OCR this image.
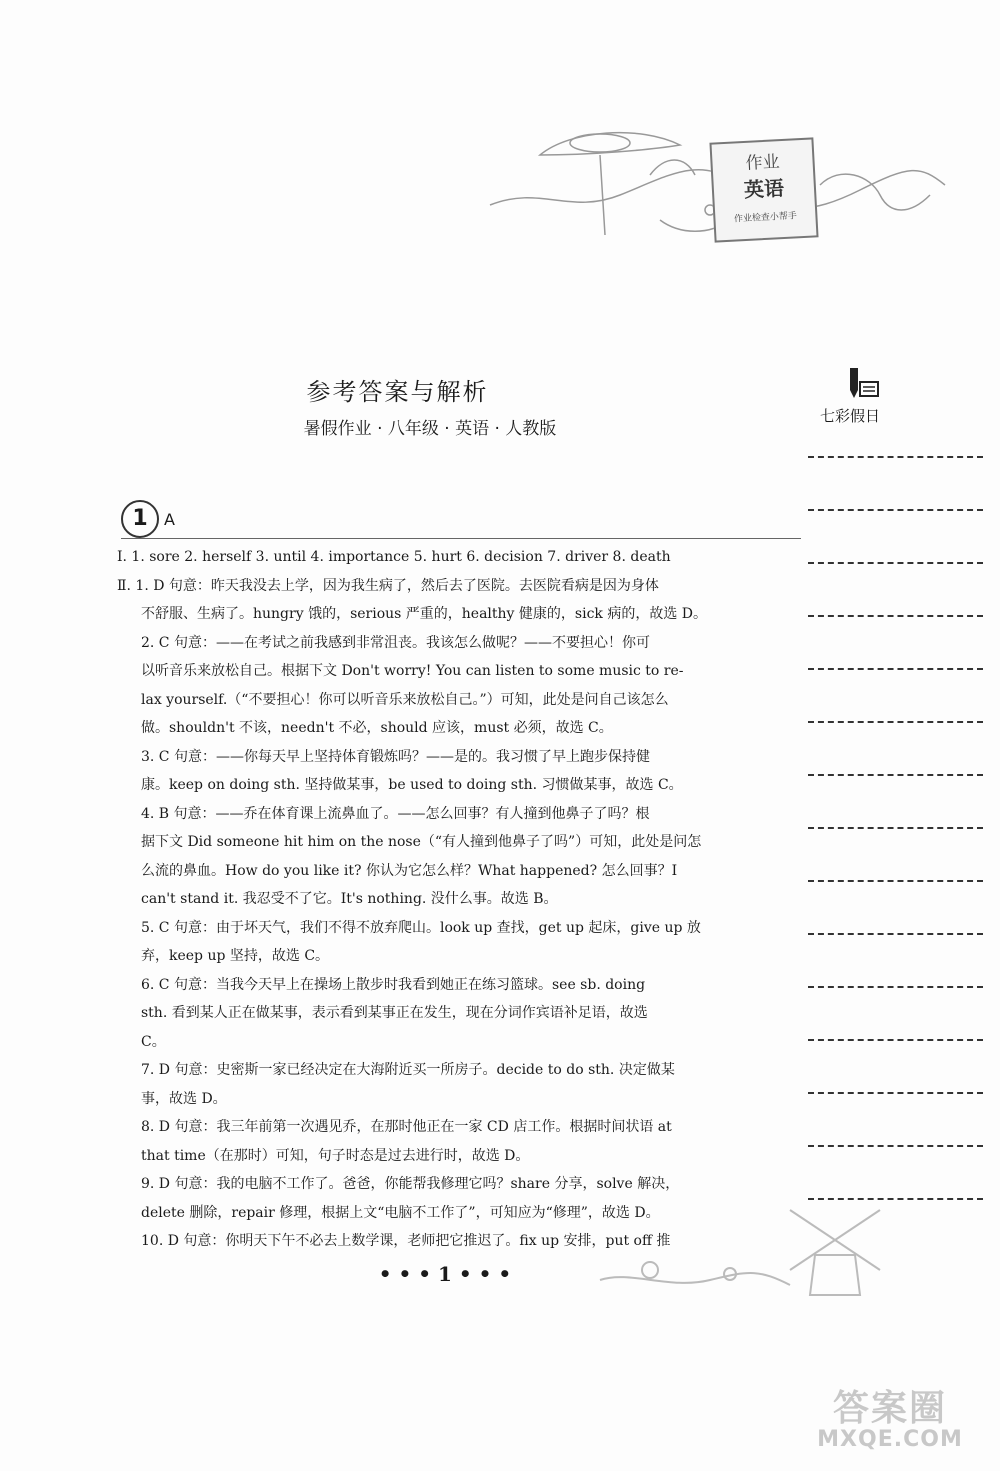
作业
英语
作业检查小帮手
参考答案与解析
暑假作业 · 八年级 · 英语 · 人教版
七彩假日
1	A
Ⅰ. 1. sore 2. herself 3. until 4. importance 5. hurt 6. decision 7. driver 8. death
Ⅱ. 1. D 句意：昨天我没去上学，因为我生病了，然后去了医院。去医院看病是因为身体
不舒服、生病了。hungry 饿的，serious 严重的，healthy 健康的，sick 病的，故选 D。
2. C 句意：——在考试之前我感到非常沮丧。我该怎么做呢？——不要担心！你可
以听音乐来放松自己。根据下文 Don't worry! You can listen to some music to re-
lax yourself.（“不要担心！你可以听音乐来放松自己。”）可知，此处是问自己该怎么
做。shouldn't 不该，needn't 不必，should 应该，must 必须，故选 C。
3. C 句意：——你每天早上坚持体育锻炼吗？——是的。我习惯了早上跑步保持健
康。keep on doing sth. 坚持做某事，be used to doing sth. 习惯做某事，故选 C。
4. B 句意：——乔在体育课上流鼻血了。——怎么回事？有人撞到他鼻子了吗？根
据下文 Did someone hit him on the nose（“有人撞到他鼻子了吗”）可知，此处是问怎
么流的鼻血。How do you like it? 你认为它怎么样？What happened? 怎么回事？I
can't stand it. 我忍受不了它。It's nothing. 没什么事。故选 B。
5. C 句意：由于坏天气，我们不得不放弃爬山。look up 查找，get up 起床，give up 放
弃，keep up 坚持，故选 C。
6. C 句意：当我今天早上在操场上散步时我看到她正在练习篮球。see sb. doing
sth. 看到某人正在做某事，表示看到某事正在发生，现在分词作宾语补足语，故选
C。
7. D 句意：史密斯一家已经决定在大海附近买一所房子。decide to do sth. 决定做某
事，故选 D。
8. D 句意：我三年前第一次遇见乔，在那时他正在一家 CD 店工作。根据时间状语 at
that time（在那时）可知，句子时态是过去进行时，故选 D。
9. D 句意：我的电脑不工作了。爸爸，你能帮我修理它吗？share 分享，solve 解决，
delete 删除，repair 修理，根据上文“电脑不工作了”，可知应为“修理”，故选 D。
10. D 句意：你明天下午不必去上数学课，老师把它推迟了。fix up 安排，put off 推
• • • 1 • • •
答案圈
MXQE.COM
